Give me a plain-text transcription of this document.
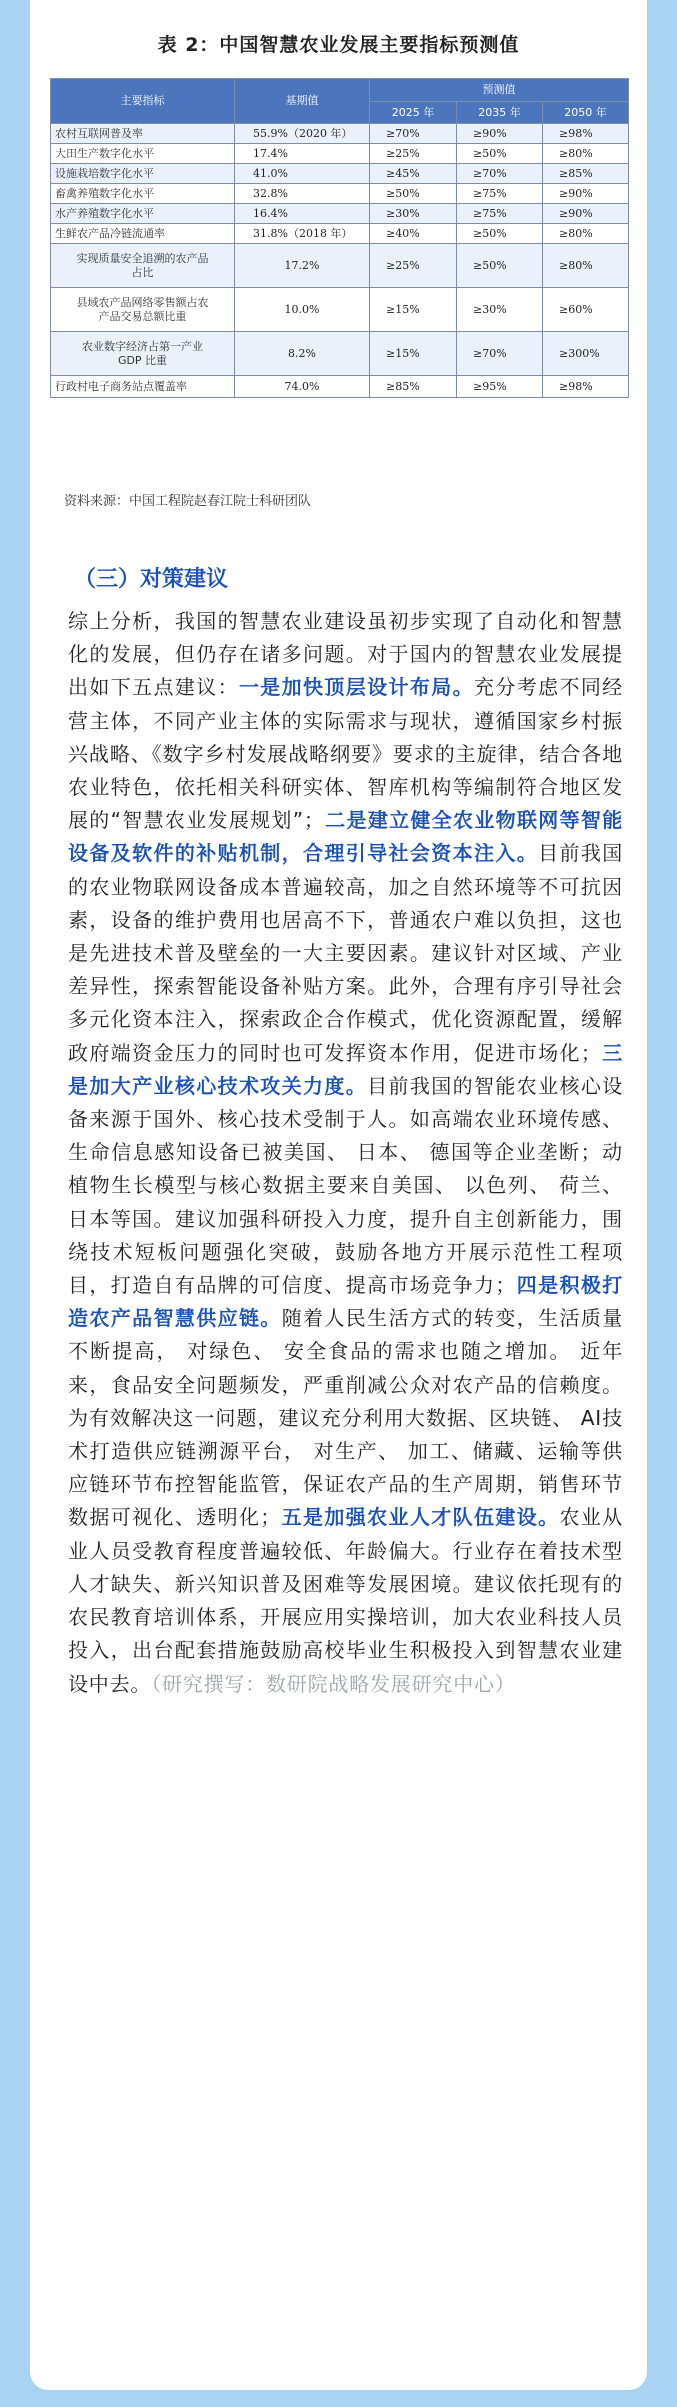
表 2：中国智慧农业发展主要指标预测值
主要指标	基期值	预测值		
		2025 年	2035 年	2050 年
农村互联网普及率	55.9%（2020 年）	≥70%	≥90%	≥98%
大田生产数字化水平	17.4%	≥25%	≥50%	≥80%
设施栽培数字化水平	41.0%	≥45%	≥70%	≥85%
畜禽养殖数字化水平	32.8%	≥50%	≥75%	≥90%
水产养殖数字化水平	16.4%	≥30%	≥75%	≥90%
生鲜农产品冷链流通率	31.8%（2018 年）	≥40%	≥50%	≥80%

实现质量安全追溯的农产品
占比	17.2%	≥25%	≥50%	≥80%

县域农产品网络零售额占农
产品交易总额比重	10.0%	≥15%	≥30%	≥60%

农业数字经济占第一产业
GDP 比重	8.2%	≥15%	≥70%	≥300%
行政村电子商务站点覆盖率	74.0%	≥85%	≥95%	≥98%
资料来源：中国工程院赵春江院士科研团队
（三）对策建议
综上分析，我国的智慧农业建设虽初步实现了自动化和智慧化的发展，但仍存在诸多问题。对于国内的智慧农业发展提出如下五点建议：一是加快顶层设计布局。充分考虑不同经营主体，不同产业主体的实际需求与现状，遵循国家乡村振兴战略、《数字乡村发展战略纲要》要求的主旋律，结合各地农业特色，依托相关科研实体、智库机构等编制符合地区发展的“智慧农业发展规划”；二是建立健全农业物联网等智能设备及软件的补贴机制，合理引导社会资本注入。目前我国的农业物联网设备成本普遍较高，加之自然环境等不可抗因素，设备的维护费用也居高不下，普通农户难以负担，这也是先进技术普及壁垒的一大主要因素。建议针对区域、产业差异性，探索智能设备补贴方案。此外，合理有序引导社会多元化资本注入，探索政企合作模式，优化资源配置，缓解政府端资金压力的同时也可发挥资本作用，促进市场化；三是加大产业核心技术攻关力度。目前我国的智能农业核心设备来源于国外、核心技术受制于人。如高端农业环境传感、 生命信息感知设备已被美国、 日本、 德国等企业垄断；动植物生长模型与核心数据主要来自美国、 以色列、 荷兰、 日本等国。建议加强科研投入力度，提升自主创新能力，围绕技术短板问题强化突破，鼓励各地方开展示范性工程项目，打造自有品牌的可信度、提高市场竞争力；四是积极打造农产品智慧供应链。随着人民生活方式的转变，生活质量不断提高， 对绿色、 安全食品的需求也随之增加。 近年来，食品安全问题频发，严重削减公众对农产品的信赖度。为有效解决这一问题，建议充分利用大数据、区块链、 AI技术打造供应链溯源平台， 对生产、 加工、储藏、运输等供应链环节布控智能监管，保证农产品的生产周期，销售环节数据可视化、透明化；五是加强农业人才队伍建设。农业从业人员受教育程度普遍较低、年龄偏大。行业存在着技术型人才缺失、新兴知识普及困难等发展困境。建议依托现有的农民教育培训体系，开展应用实操培训，加大农业科技人员投入，出台配套措施鼓励高校毕业生积极投入到智慧农业建设中去。（研究撰写：数研院战略发展研究中心）
